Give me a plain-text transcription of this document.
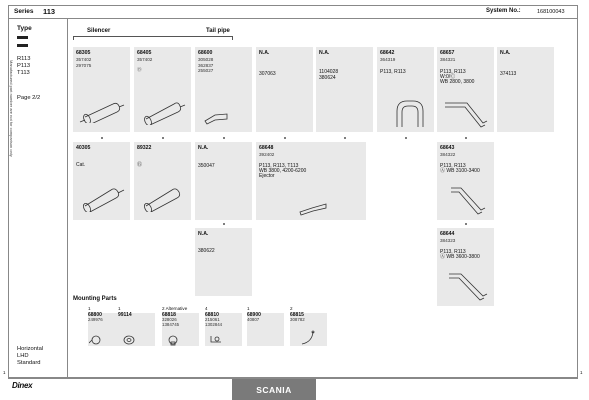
Series 113	System No.:	168100043
Type
R113
P113
T113
Page 2/2
Manufactured part number are not for comparison only
Horizontal
LHD
Standard
Silencer	Tail pipe
68305
357402
297075
68405
357402
⑮
68600
305028
362837
255027
N.A.
307063
N.A.
1104028
380624
68642
364319
P113, R113
68657
384321
P113, R113
W:0/Ⓒ
WB 2800, 3800
N.A.
374113
40305
Cat.
89322
⑮
N.A.
350047
68648
392402
P113, R113, T113
WB 3800, 4200-6200
Ejector
68643
384322
P113, R113
Ⓐ WB 3100-3400
N.A.
380622
68644
384323
P113, R113
Ⓐ WB 3600-3800
Mounting Parts
1
68800
249976
1
99114
2 Alternative
68818
328026
1384745
4
68810
215061
1302844
1
68900
40807
2
68815
308782
Dinex	SCANIA
1	1
